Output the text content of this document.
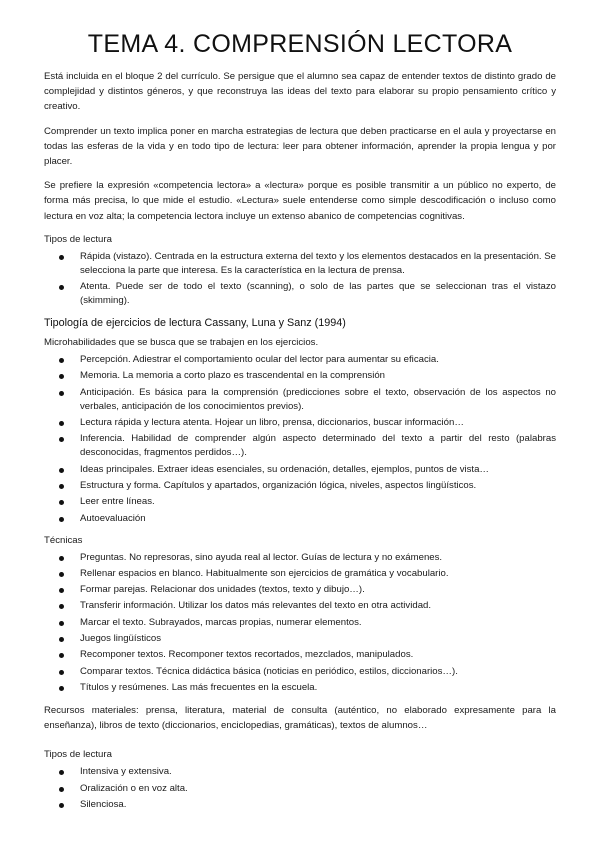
TEMA 4. COMPRENSIÓN LECTORA

Está incluida en el bloque 2 del currículo. Se persigue que el alumno sea capaz de entender textos de distinto grado de complejidad y distintos géneros, y que reconstruya las ideas del texto para elaborar su propio pensamiento crítico y creativo.

Comprender un texto implica poner en marcha estrategias de lectura que deben practicarse en el aula y proyectarse en todas las esferas de la vida y en todo tipo de lectura: leer para obtener información, aprender la propia lengua y por placer.

Se prefiere la expresión «competencia lectora» a «lectura» porque es posible transmitir a un público no experto, de forma más precisa, lo que mide el estudio. «Lectura» suele entenderse como simple descodificación o incluso como lectura en voz alta; la competencia lectora incluye un extenso abanico de competencias cognitivas.

Tipos de lectura
Rápida (vistazo). Centrada en la estructura externa del texto y los elementos destacados en la presentación. Se selecciona la parte que interesa. Es la característica en la lectura de prensa.
Atenta. Puede ser de todo el texto (scanning), o solo de las partes que se seleccionan tras el vistazo (skimming).
Tipología de ejercicios de lectura Cassany, Luna y Sanz (1994)
Microhabilidades que se busca que se trabajen en los ejercicios.
Percepción. Adiestrar el comportamiento ocular del lector para aumentar su eficacia.
Memoria. La memoria a corto plazo es trascendental en la comprensión
Anticipación. Es básica para la comprensión (predicciones sobre el texto, observación de los aspectos no verbales, anticipación de los conocimientos previos).
Lectura rápida y lectura atenta. Hojear un libro, prensa, diccionarios, buscar información…
Inferencia. Habilidad de comprender algún aspecto determinado del texto a partir del resto (palabras desconocidas, fragmentos perdidos…).
Ideas principales. Extraer ideas esenciales, su ordenación, detalles, ejemplos, puntos de vista…
Estructura y forma. Capítulos y apartados, organización lógica, niveles, aspectos lingüísticos.
Leer entre líneas.
Autoevaluación
Técnicas
Preguntas. No represoras, sino ayuda real al lector. Guías de lectura y no exámenes.
Rellenar espacios en blanco. Habitualmente son ejercicios de gramática y vocabulario.
Formar parejas. Relacionar dos unidades (textos, texto y dibujo…).
Transferir información. Utilizar los datos más relevantes del texto en otra actividad.
Marcar el texto. Subrayados, marcas propias, numerar elementos.
Juegos lingüísticos
Recomponer textos. Recomponer textos recortados, mezclados, manipulados.
Comparar textos. Técnica didáctica básica (noticias en periódico, estilos, diccionarios…).
Títulos y resúmenes. Las más frecuentes en la escuela.

Recursos materiales: prensa, literatura, material de consulta (auténtico, no elaborado expresamente para la enseñanza), libros de texto (diccionarios, enciclopedias, gramáticas), textos de alumnos…

Tipos de lectura
Intensiva y extensiva.
Oralización o en voz alta.
Silenciosa.
